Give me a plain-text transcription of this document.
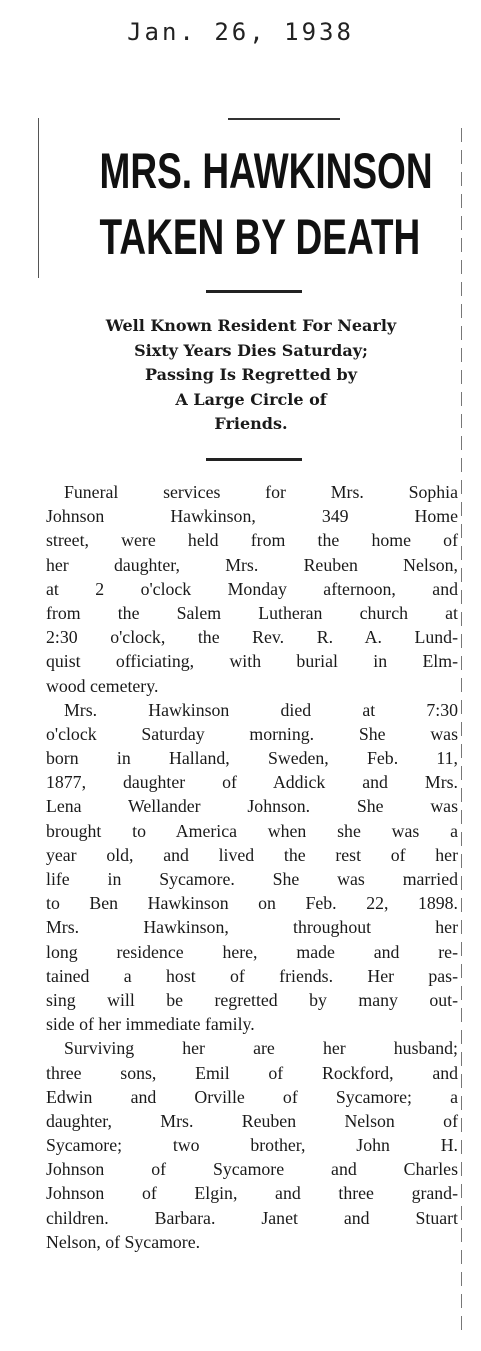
Jan. 26, 1938
MRS. HAWKINSON
TAKEN BY DEATH
Well Known Resident For Nearly
Sixty Years Dies Saturday;
Passing Is Regretted by
A Large Circle of
Friends.
Funeral services for Mrs. Sophia
Johnson Hawkinson, 349 Home
street, were held from the home of
her daughter, Mrs. Reuben Nelson,
at 2 o'clock Monday afternoon, and
from the Salem Lutheran church at
2:30 o'clock, the Rev. R. A. Lund-
quist officiating, with burial in Elm-
wood cemetery.
Mrs. Hawkinson died at 7:30
o'clock Saturday morning. She was
born in Halland, Sweden, Feb. 11,
1877, daughter of Addick and Mrs.
Lena Wellander Johnson. She was
brought to America when she was a
year old, and lived the rest of her
life in Sycamore. She was married
to Ben Hawkinson on Feb. 22, 1898.
Mrs. Hawkinson, throughout her
long residence here, made and re-
tained a host of friends. Her pas-
sing will be regretted by many out-
side of her immediate family.
Surviving her are her husband;
three sons, Emil of Rockford, and
Edwin and Orville of Sycamore; a
daughter, Mrs. Reuben Nelson of
Sycamore; two brother, John H.
Johnson of Sycamore and Charles
Johnson of Elgin, and three grand-
children. Barbara. Janet and Stuart
Nelson, of Sycamore.
